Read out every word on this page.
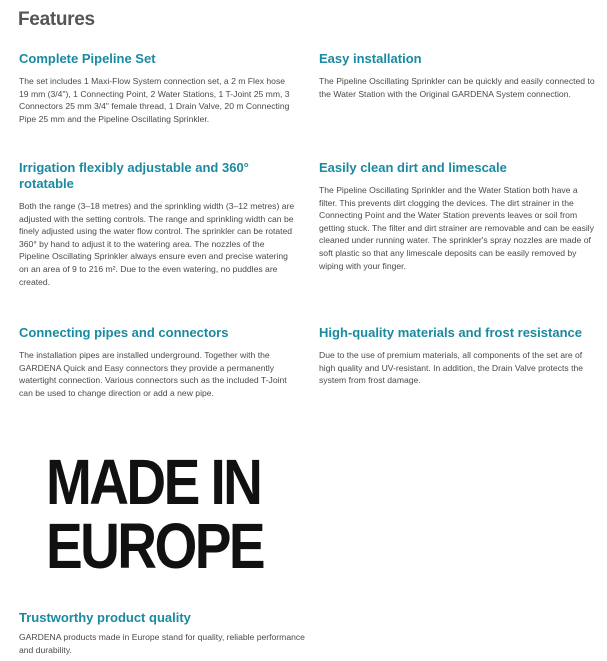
Features
Complete Pipeline Set

The set includes 1 Maxi-Flow System connection set, a 2 m Flex hose 19 mm (3/4"), 1 Connecting Point, 2 Water Stations, 1 T-Joint 25 mm, 3 Connectors 25 mm 3/4" female thread, 1 Drain Valve, 20 m Connecting Pipe 25 mm and the Pipeline Oscillating Sprinkler.

Easy installation

The Pipeline Oscillating Sprinkler can be quickly and easily connected to the Water Station with the Original GARDENA System connection.

Irrigation flexibly adjustable and 360° rotatable

Both the range (3–18 metres) and the sprinkling width (3–12 metres) are adjusted with the setting controls. The range and sprinkling width can be finely adjusted using the water flow control. The sprinkler can be rotated 360° by hand to adjust it to the watering area. The nozzles of the Pipeline Oscillating Sprinkler always ensure even and precise watering on an area of 9 to 216 m². Due to the even watering, no puddles are created.

Easily clean dirt and limescale

The Pipeline Oscillating Sprinkler and the Water Station both have a filter. This prevents dirt clogging the devices. The dirt strainer in the Connecting Point and the Water Station prevents leaves or soil from getting stuck. The filter and dirt strainer are removable and can be easily cleaned under running water. The sprinkler's spray nozzles are made of soft plastic so that any limescale deposits can be easily removed by wiping with your finger.

Connecting pipes and connectors

The installation pipes are installed underground. Together with the GARDENA Quick and Easy connectors they provide a permanently watertight connection. Various connectors such as the included T-Joint can be used to change direction or add a new pipe.

High-quality materials and frost resistance

Due to the use of premium materials, all components of the set are of high quality and UV-resistant. In addition, the Drain Valve protects the system from frost damage.

MADE IN
EUROPE
Trustworthy product quality

GARDENA products made in Europe stand for quality, reliable performance and durability.
